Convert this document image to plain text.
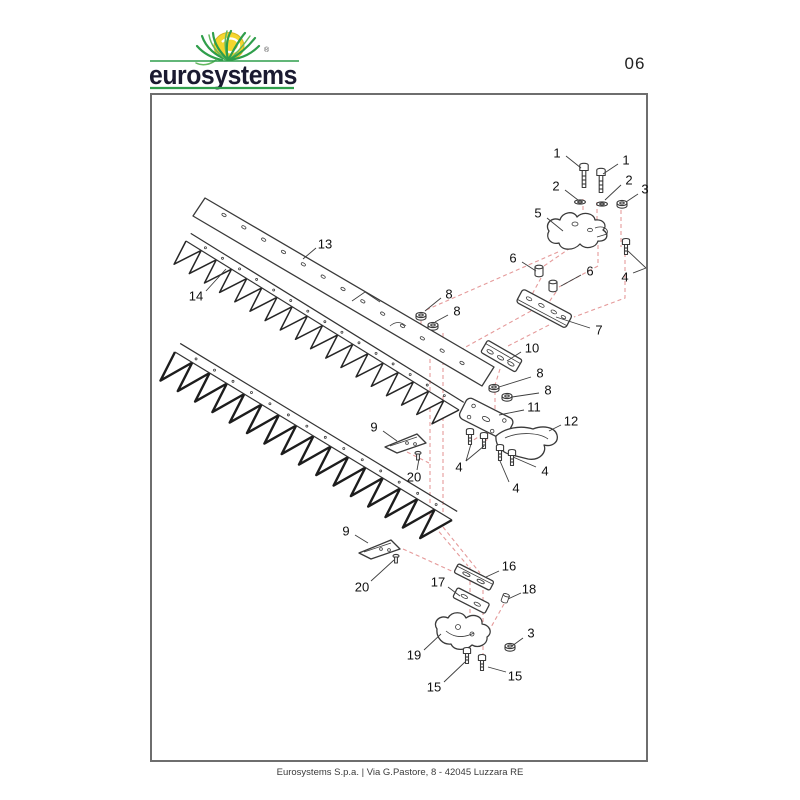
eurosystems
®
06
1	1
2	2
3
5
4
6
6
7
13
14	8
8
10
8
8
11
12
9
20
4	4
4
9
20	17
16
18
19
3
15
15
Eurosystems S.p.a. | Via G.Pastore, 8 - 42045 Luzzara RE
